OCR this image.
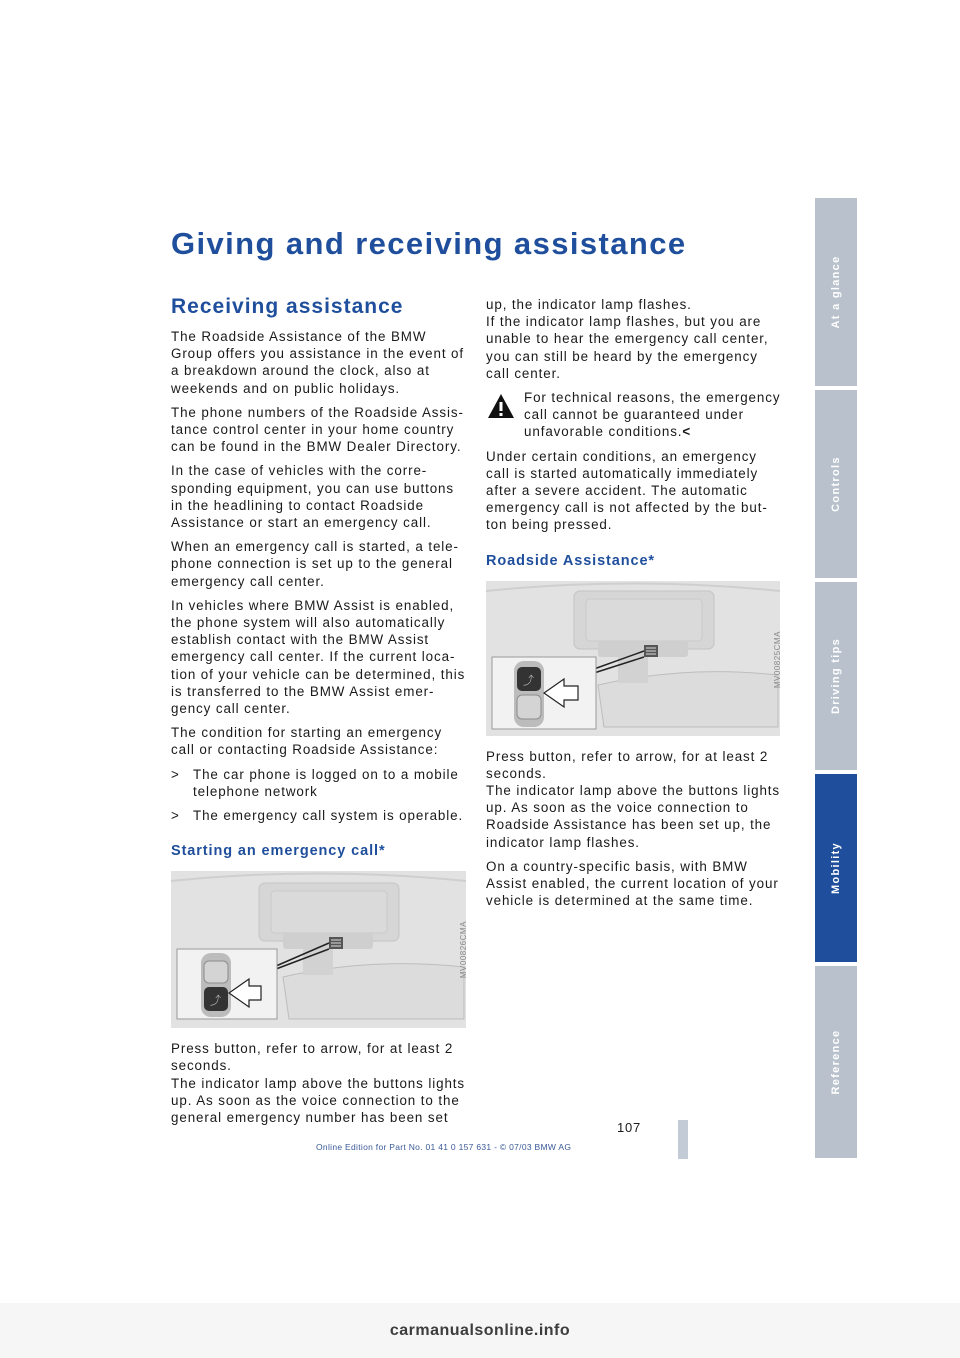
Giving and receiving assistance
Receiving assistance

The Roadside Assistance of the BMW Group offers you assistance in the event of a breakdown around the clock, also at weekends and on public holidays.

The phone numbers of the Roadside Assis-tance control center in your home country can be found in the BMW Dealer Directory.

In the case of vehicles with the corre-sponding equipment, you can use buttons in the headlining to contact Roadside Assistance or start an emergency call.

When an emergency call is started, a tele-phone connection is set up to the general emergency call center.

In vehicles where BMW Assist is enabled, the phone system will also automatically establish contact with the BMW Assist emergency call center. If the current loca-tion of your vehicle can be determined, this is transferred to the BMW Assist emer-gency call center.

The condition for starting an emergency call or contacting Roadside Assistance:

> The car phone is logged on to a mobile telephone network
> The emergency call system is operable.
Starting an emergency call*
⤴
MV00826CMA

Press button, refer to arrow, for at least 2 seconds.
The indicator lamp above the buttons lights up. As soon as the voice connection to the general emergency number has been set

up, the indicator lamp flashes.
If the indicator lamp flashes, but you are unable to hear the emergency call center, you can still be heard by the emergency call center.

For technical reasons, the emergency call cannot be guaranteed under unfavorable conditions.<

Under certain conditions, an emergency call is started automatically immediately after a severe accident. The automatic emergency call is not affected by the but-ton being pressed.

Roadside Assistance*
⤴	MV00825CMA

Press button, refer to arrow, for at least 2 seconds.
The indicator lamp above the buttons lights up. As soon as the voice connection to Roadside Assistance has been set up, the indicator lamp flashes.

On a country-specific basis, with BMW Assist enabled, the current location of your vehicle is determined at the same time.

At a glance
Controls
Driving tips
Mobility
Reference
107
Online Edition for Part No. 01 41 0 157 631 - © 07/03 BMW AG
carmanualsonline.info
